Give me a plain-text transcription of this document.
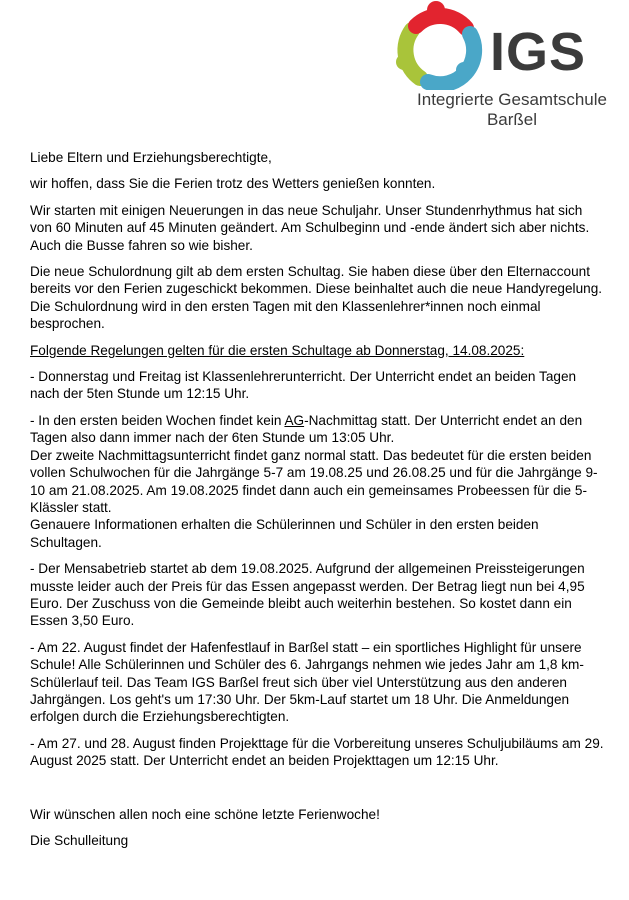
IGS
Integrierte Gesamtschule
Barßel

Liebe Eltern und Erziehungsberechtigte,

wir hoffen, dass Sie die Ferien trotz des Wetters genießen konnten.

Wir starten mit einigen Neuerungen in das neue Schuljahr. Unser Stundenrhythmus hat sich von 60 Minuten auf 45 Minuten geändert. Am Schulbeginn und -ende ändert sich aber nichts. Auch die Busse fahren so wie bisher.

Die neue Schulordnung gilt ab dem ersten Schultag. Sie haben diese über den Elternaccount bereits vor den Ferien zugeschickt bekommen. Diese beinhaltet auch die neue Handyregelung. Die Schulordnung wird in den ersten Tagen mit den Klassenlehrer*innen noch einmal besprochen.

Folgende Regelungen gelten für die ersten Schultage ab Donnerstag, 14.08.2025:

- Donnerstag und Freitag ist Klassenlehrerunterricht. Der Unterricht endet an beiden Tagen nach der 5ten Stunde um 12:15 Uhr.

- In den ersten beiden Wochen findet kein AG-Nachmittag statt. Der Unterricht endet an den Tagen also dann immer nach der 6ten Stunde um 13:05 Uhr.
Der zweite Nachmittagsunterricht findet ganz normal statt. Das bedeutet für die ersten beiden vollen Schulwochen für die Jahrgänge 5-7 am 19.08.25 und 26.08.25 und für die Jahrgänge 9-10 am 21.08.2025. Am 19.08.2025 findet dann auch ein gemeinsames Probeessen für die 5-Klässler statt.
Genauere Informationen erhalten die Schülerinnen und Schüler in den ersten beiden Schultagen.

- Der Mensabetrieb startet ab dem 19.08.2025. Aufgrund der allgemeinen Preissteigerungen musste leider auch der Preis für das Essen angepasst werden. Der Betrag liegt nun bei 4,95 Euro. Der Zuschuss von die Gemeinde bleibt auch weiterhin bestehen. So kostet dann ein Essen 3,50 Euro.

- Am 22. August findet der Hafenfestlauf in Barßel statt – ein sportliches Highlight für unsere Schule! Alle Schülerinnen und Schüler des 6. Jahrgangs nehmen wie jedes Jahr am 1,8 km-Schülerlauf teil. Das Team IGS Barßel freut sich über viel Unterstützung aus den anderen Jahrgängen. Los geht's um 17:30 Uhr. Der 5km-Lauf startet um 18 Uhr. Die Anmeldungen erfolgen durch die Erziehungsberechtigten.

- Am 27. und 28. August finden Projekttage für die Vorbereitung unseres Schuljubiläums am 29. August 2025 statt. Der Unterricht endet an beiden Projekttagen um 12:15 Uhr.

Wir wünschen allen noch eine schöne letzte Ferienwoche!

Die Schulleitung
